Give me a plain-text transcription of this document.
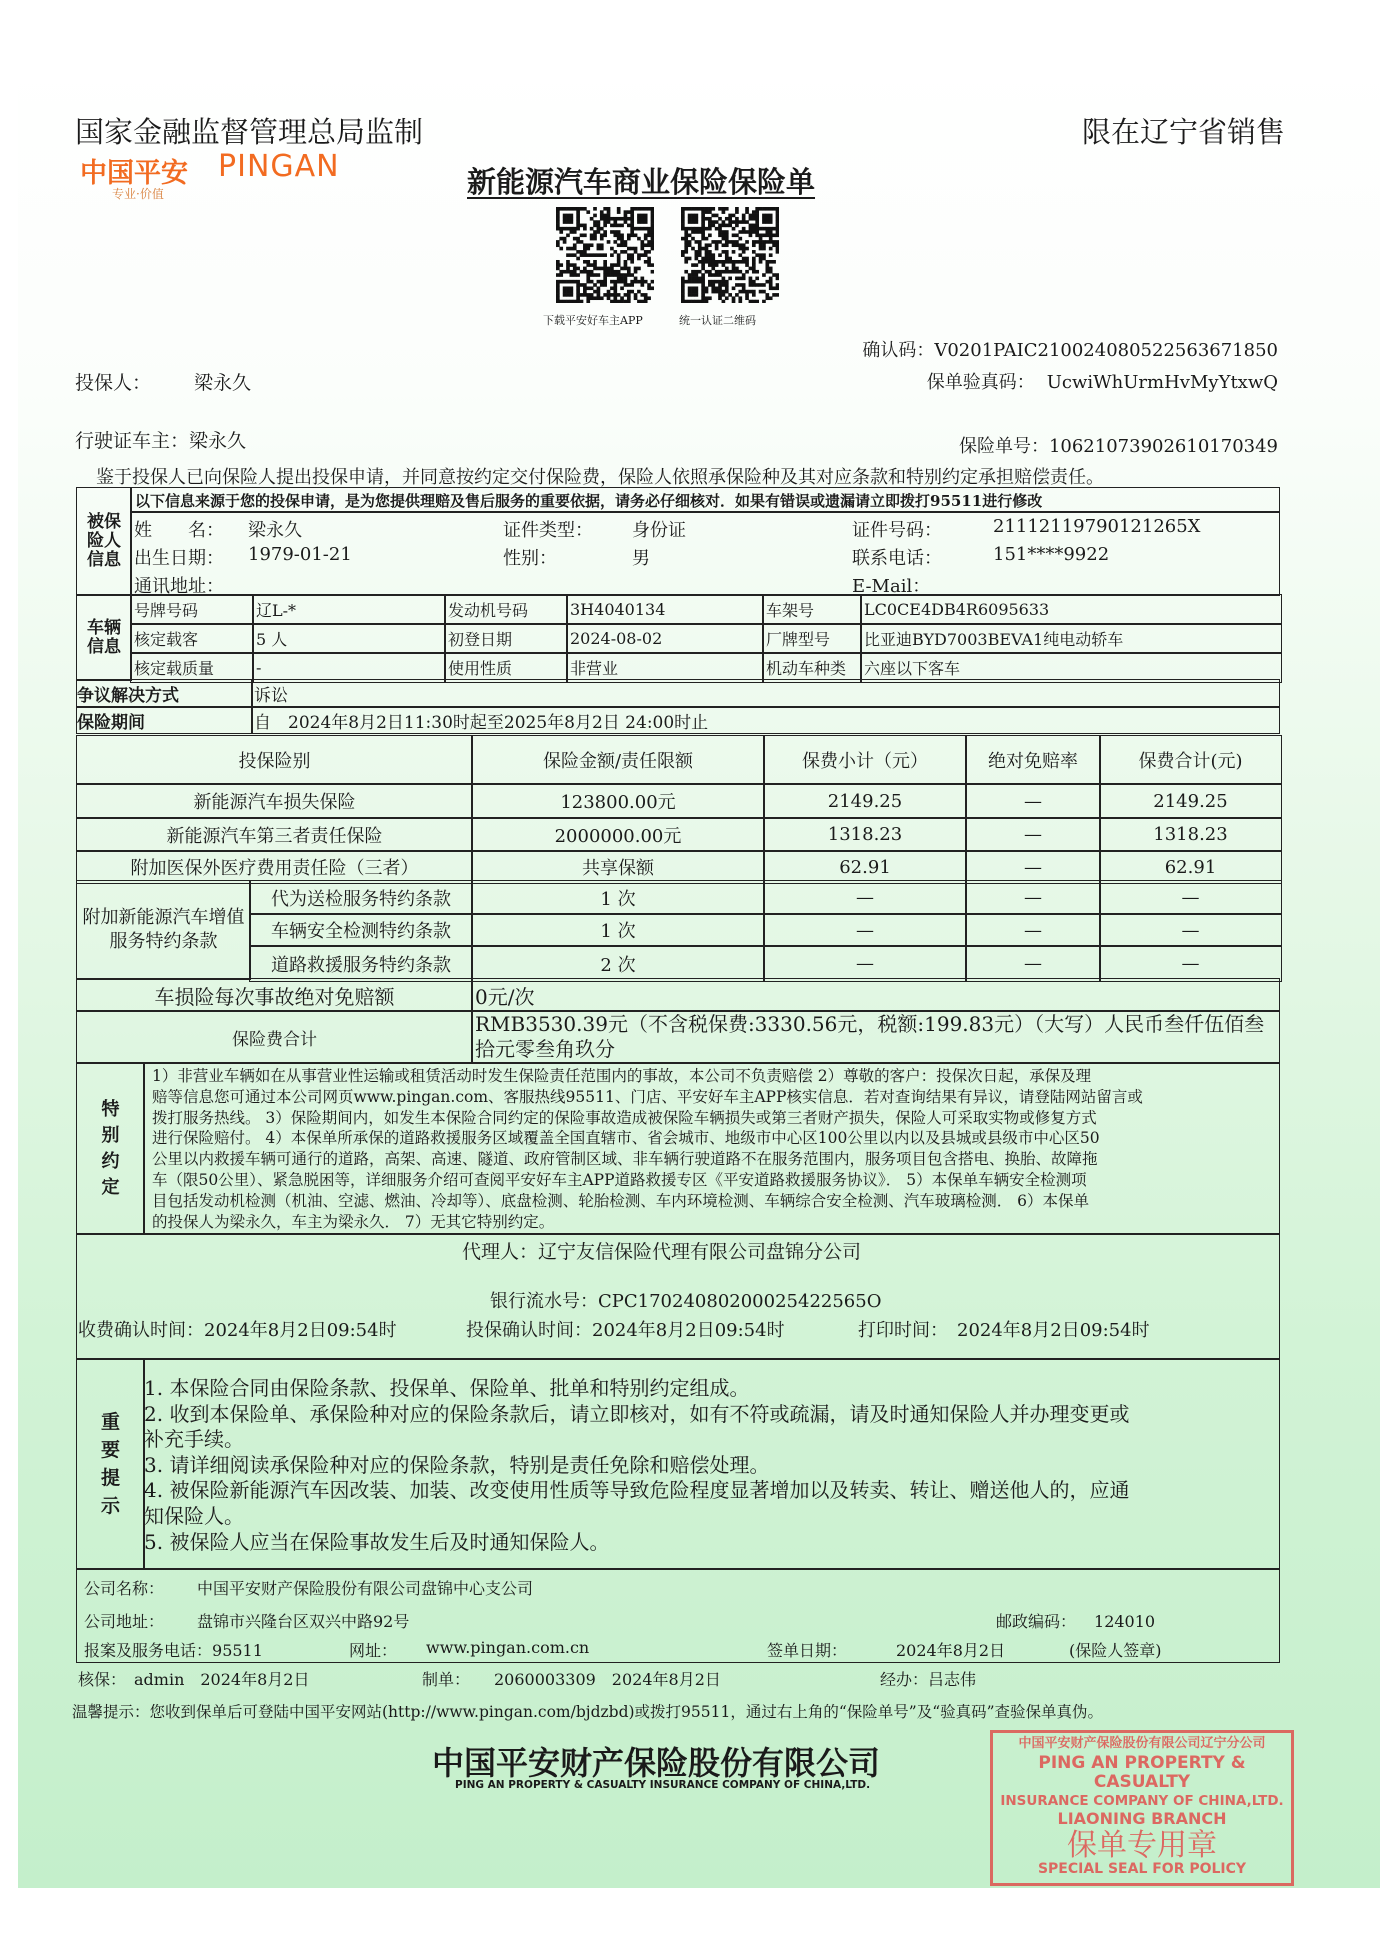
国家金融监督管理总局监制	限在辽宁省销售
中国平安 PINGAN
专业·价值	新能源汽车商业保险保险单
下载平安好车主APP	统一认证二维码
确认码：V0201PAIC210024080522563671850
投保人： 梁永久	保单验真码： UcwiWhUrmHvMyYtxwQ
行驶证车主：梁永久	保险单号：10621073902610170349
鉴于投保人已向保险人提出投保申请，并同意按约定交付保险费，保险人依照承保险种及其对应条款和特别约定承担赔偿责任。
被保险人信息
以下信息来源于您的投保申请，是为您提供理赔及售后服务的重要依据，请务必仔细核对．如果有错误或遗漏请立即拨打95511进行修改
姓　　名： 梁永久	证件类型： 身份证	证件号码：	21112119790121265X
出生日期： 1979-01-21	性别：	男	联系电话：	151****9922
通讯地址：	E-Mail：
车辆信息
号牌号码	辽L-*	发动机号码	3H4040134	车架号	LC0CE4DB4R6095633
核定载客	5 人	初登日期	2024-08-02	厂牌型号	比亚迪BYD7003BEVA1纯电动轿车
核定载质量	-	使用性质	非营业	机动车种类	六座以下客车
争议解决方式	诉讼
保险期间	自　2024年8月2日11:30时起至2025年8月2日 24:00时止
投保险别	保险金额/责任限额	保费小计（元）	绝对免赔率	保费合计(元)
新能源汽车损失保险	123800.00元	2149.25	—	2149.25
新能源汽车第三者责任保险	2000000.00元	1318.23	—	1318.23
附加医保外医疗费用责任险（三者）	共享保额	62.91	—	62.91
附加新能源汽车增值服务特约条款
代为送检服务特约条款	1 次	—	—	—
车辆安全检测特约条款	1 次	—	—	—
道路救援服务特约条款	2 次	—	—	—
车损险每次事故绝对免赔额	0元/次
保险费合计
RMB3530.39元（不含税保费:3330.56元，税额:199.83元）（大写）人民币叁仟伍佰叁拾元零叁角玖分
特别约定
1）非营业车辆如在从事营业性运输或租赁活动时发生保险责任范围内的事故，本公司不负责赔偿 2）尊敬的客户：投保次日起，承保及理
赔等信息您可通过本公司网页www.pingan.com、客服热线95511、门店、平安好车主APP核实信息．若对查询结果有异议，请登陆网站留言或
拨打服务热线。 3）保险期间内，如发生本保险合同约定的保险事故造成被保险车辆损失或第三者财产损失，保险人可采取实物或修复方式
进行保险赔付。 4）本保单所承保的道路救援服务区域覆盖全国直辖市、省会城市、地级市中心区100公里以内以及县城或县级市中心区50
公里以内救援车辆可通行的道路，高架、高速、隧道、政府管制区域、非车辆行驶道路不在服务范围内，服务项目包含搭电、换胎、故障拖
车（限50公里）、紧急脱困等，详细服务介绍可查阅平安好车主APP道路救援专区《平安道路救援服务协议》． 5）本保单车辆安全检测项
目包括发动机检测（机油、空滤、燃油、冷却等）、底盘检测、轮胎检测、车内环境检测、车辆综合安全检测、汽车玻璃检测． 6）本保单
的投保人为梁永久，车主为梁永久． 7）无其它特别约定。
代理人：辽宁友信保险代理有限公司盘锦分公司
银行流水号：CPC17024080200025422565O
收费确认时间：2024年8月2日09:54时	投保确认时间：2024年8月2日09:54时	打印时间：　2024年8月2日09:54时
重要提示
1. 本保险合同由保险条款、投保单、保险单、批单和特别约定组成。
2. 收到本保险单、承保险种对应的保险条款后，请立即核对，如有不符或疏漏，请及时通知保险人并办理变更或
补充手续。
3. 请详细阅读承保险种对应的保险条款，特别是责任免除和赔偿处理。
4. 被保险新能源汽车因改装、加装、改变使用性质等导致危险程度显著增加以及转卖、转让、赠送他人的，应通
知保险人。
5. 被保险人应当在保险事故发生后及时通知保险人。
公司名称： 中国平安财产保险股份有限公司盘锦中心支公司
公司地址： 盘锦市兴隆台区双兴中路92号	邮政编码： 124010
报案及服务电话：95511	网址： www.pingan.com.cn	签单日期：	2024年8月2日	(保险人签章)
核保：　admin　2024年8月2日	制单：　　2060003309　2024年8月2日	经办：吕志伟
温馨提示：您收到保单后可登陆中国平安网站(http://www.pingan.com/bjdzbd)或拨打95511，通过右上角的“保险单号”及“验真码”查验保单真伪。
中国平安财产保险股份有限公司
PING AN PROPERTY & CASUALTY INSURANCE COMPANY OF CHINA,LTD.
中国平安财产保险股份有限公司辽宁分公司
PING AN PROPERTY & CASUALTY
INSURANCE COMPANY OF CHINA,LTD.
LIAONING BRANCH
保单专用章
SPECIAL SEAL FOR POLICY
